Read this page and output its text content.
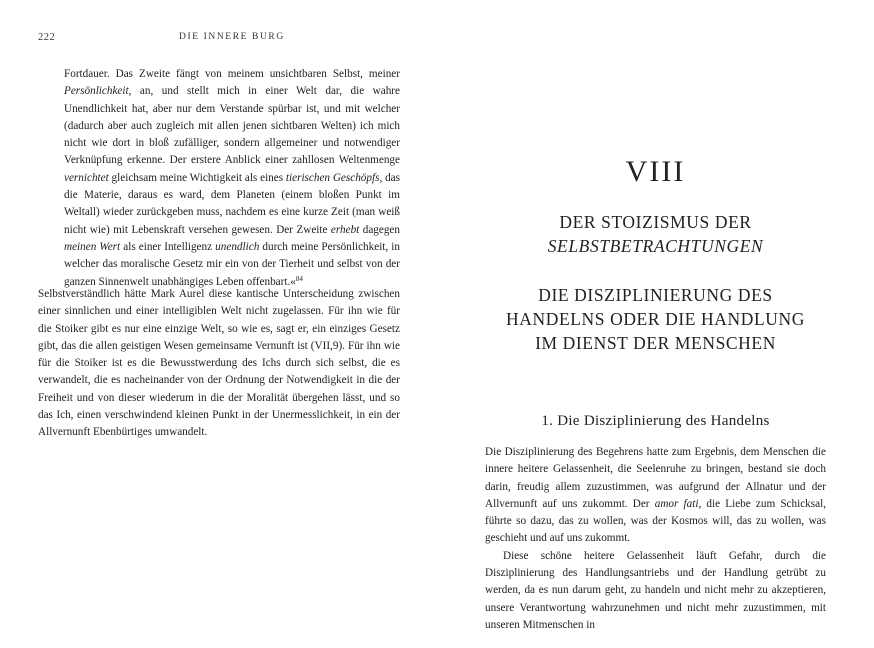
222	DIE INNERE BURG

Fortdauer. Das Zweite fängt von meinem unsichtbaren Selbst, meiner Persönlichkeit, an, und stellt mich in einer Welt dar, die wahre Unendlichkeit hat, aber nur dem Verstande spürbar ist, und mit welcher (dadurch aber auch zugleich mit allen jenen sichtbaren Welten) ich mich nicht wie dort in bloß zufälliger, sondern allgemeiner und notwendiger Verknüpfung erkenne. Der erstere Anblick einer zahllosen Weltenmenge vernichtet gleichsam meine Wichtigkeit als eines tierischen Geschöpfs, das die Materie, daraus es ward, dem Planeten (einem bloßen Punkt im Weltall) wieder zurückgeben muss, nachdem es eine kurze Zeit (man weiß nicht wie) mit Lebenskraft versehen gewesen. Der Zweite erhebt dagegen meinen Wert als einer Intelligenz unendlich durch meine Persönlichkeit, in welcher das moralische Gesetz mir ein von der Tierheit und selbst von der ganzen Sinnenwelt unabhängiges Leben offenbart.«$^{84}$

Selbstverständlich hätte Mark Aurel diese kantische Unterscheidung zwischen einer sinnlichen und einer intelligiblen Welt nicht zugelassen. Für ihn wie für die Stoiker gibt es nur eine einzige Welt, so wie es, sagt er, ein einziges Gesetz gibt, das die allen geistigen Wesen gemeinsame Vernunft ist (VII,9). Für ihn wie für die Stoiker ist es die Bewusstwerdung des Ichs durch sich selbst, die es verwandelt, die es nacheinander von der Ordnung der Notwendigkeit in die der Freiheit und von dieser wiederum in die der Moralität übergehen lässt, und so das Ich, einen verschwindend kleinen Punkt in der Unermesslichkeit, in ein der Allvernunft Ebenbürtiges umwandelt.

VIII
DER STOIZISMUS DER
SELBSTBETRACHTUNGEN
DIE DISZIPLINIERUNG DES
HANDELNS ODER DIE HANDLUNG
IM DIENST DER MENSCHEN
1. Die Disziplinierung des Handelns

Die Disziplinierung des Begehrens hatte zum Ergebnis, dem Menschen die innere heitere Gelassenheit, die Seelenruhe zu bringen, bestand sie doch darin, freudig allem zuzustimmen, was aufgrund der Allnatur und der Allvernunft auf uns zukommt. Der amor fati, die Liebe zum Schicksal, führte so dazu, das zu wollen, was der Kosmos will, das zu wollen, was geschieht und auf uns zukommt.

Diese schöne heitere Gelassenheit läuft Gefahr, durch die Disziplinierung des Handlungsantriebs und der Handlung getrübt zu werden, da es nun darum geht, zu handeln und nicht mehr zu akzeptieren, unsere Verantwortung wahrzunehmen und nicht mehr zuzustimmen, mit unseren Mitmenschen in
